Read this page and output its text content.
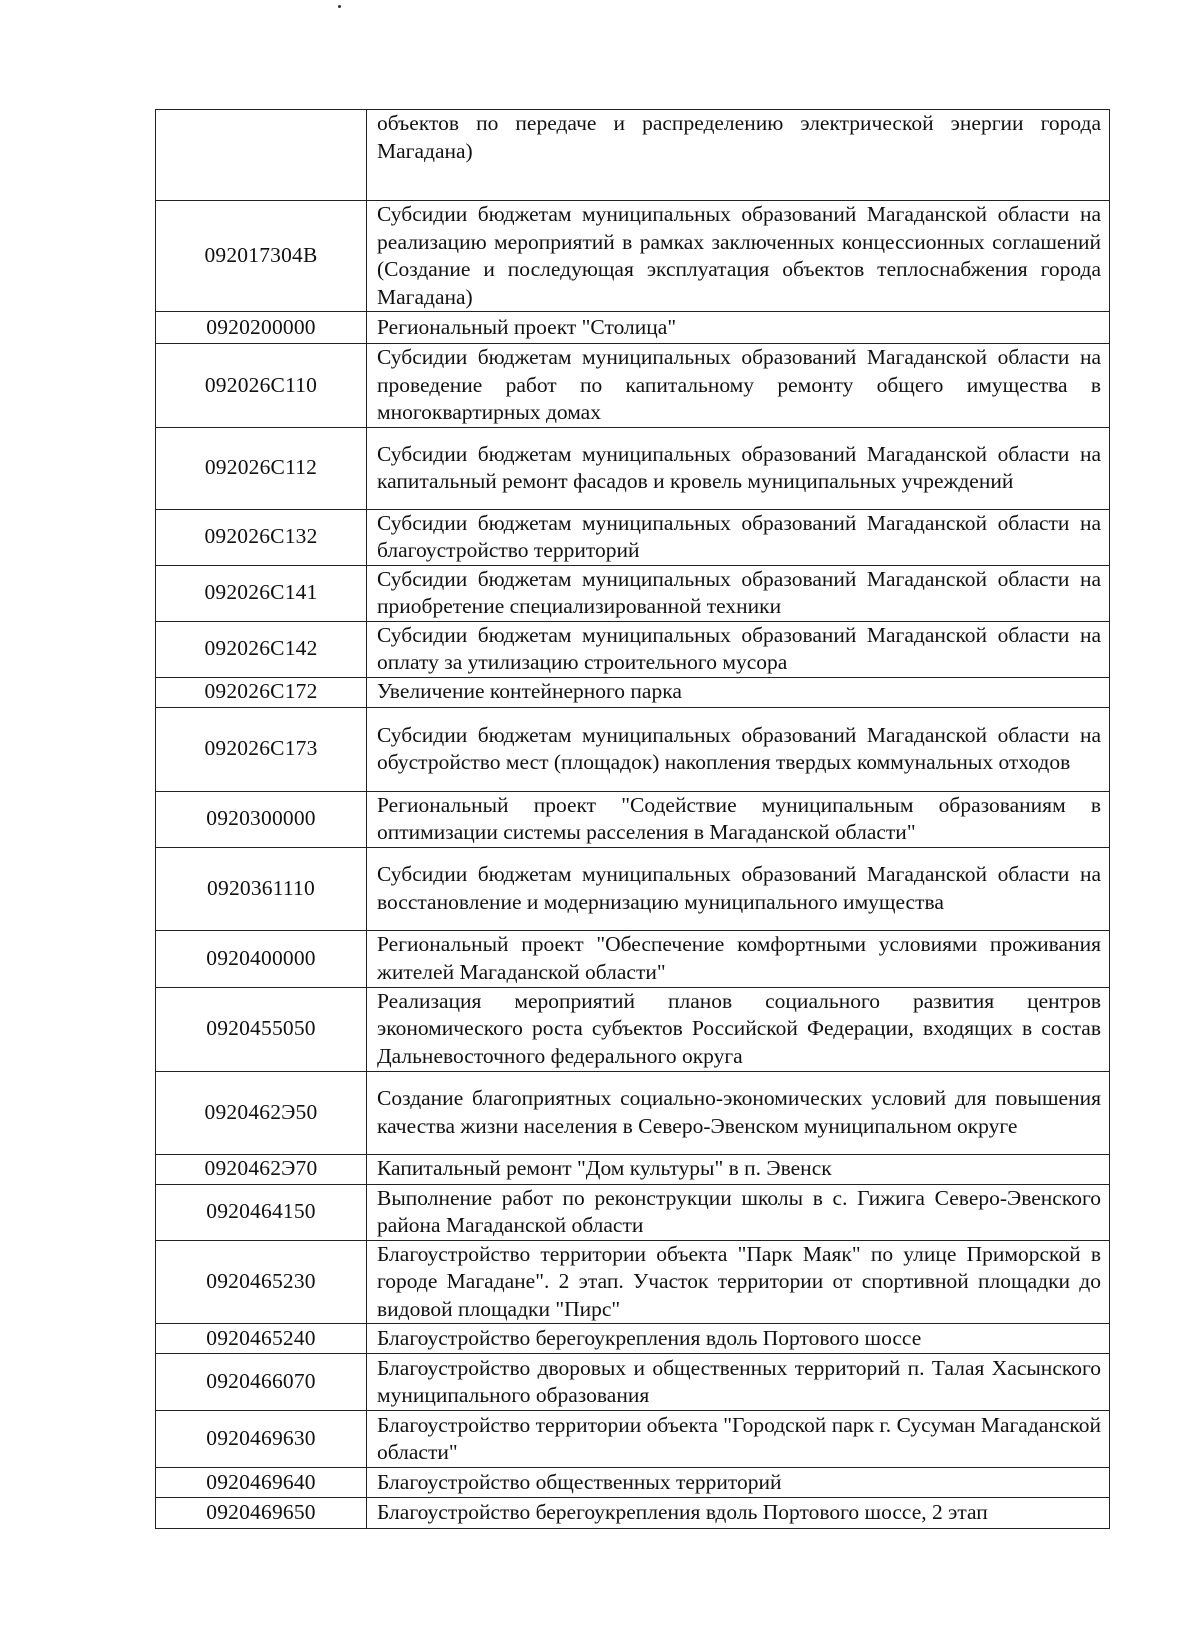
	объектов по передаче и распределению электрической энергии города Магадана)
092017304В	Субсидии бюджетам муниципальных образований Магаданской области на реализацию мероприятий в рамках заключенных концессионных соглашений (Создание и последующая эксплуатация объектов теплоснабжения города Магадана)
0920200000	Региональный проект "Столица"
092026С110	Субсидии бюджетам муниципальных образований Магаданской области на проведение работ по капитальному ремонту общего имущества в многоквартирных домах
092026С112	Субсидии бюджетам муниципальных образований Магаданской области на капитальный ремонт фасадов и кровель муниципальных учреждений
092026С132	Субсидии бюджетам муниципальных образований Магаданской области на благоустройство территорий
092026С141	Субсидии бюджетам муниципальных образований Магаданской области на приобретение специализированной техники
092026С142	Субсидии бюджетам муниципальных образований Магаданской области на оплату за утилизацию строительного мусора
092026С172	Увеличение контейнерного парка
092026С173	Субсидии бюджетам муниципальных образований Магаданской области на обустройство мест (площадок) накопления твердых коммунальных отходов
0920300000	Региональный проект "Содействие муниципальным образованиям в оптимизации системы расселения в Магаданской области"
0920361110	Субсидии бюджетам муниципальных образований Магаданской области на восстановление и модернизацию муниципального имущества
0920400000	Региональный проект "Обеспечение комфортными условиями проживания жителей Магаданской области"
0920455050	Реализация мероприятий планов социального развития центров экономического роста субъектов Российской Федерации, входящих в состав Дальневосточного федерального округа
0920462Э50	Создание благоприятных социально-экономических условий для повышения качества жизни населения в Северо-Эвенском муниципальном округе
0920462Э70	Капитальный ремонт "Дом культуры" в п. Эвенск
0920464150	Выполнение работ по реконструкции школы в с. Гижига Северо-Эвенского района Магаданской области
0920465230	Благоустройство территории объекта "Парк Маяк" по улице Приморской в городе Магадане". 2 этап. Участок территории от спортивной площадки до видовой площадки "Пирс"
0920465240	Благоустройство берегоукрепления вдоль Портового шоссе
0920466070	Благоустройство дворовых и общественных территорий п. Талая Хасынского муниципального образования
0920469630	Благоустройство территории объекта "Городской парк г. Сусуман Магаданской области"
0920469640	Благоустройство общественных территорий
0920469650	Благоустройство берегоукрепления вдоль Портового шоссе, 2 этап
